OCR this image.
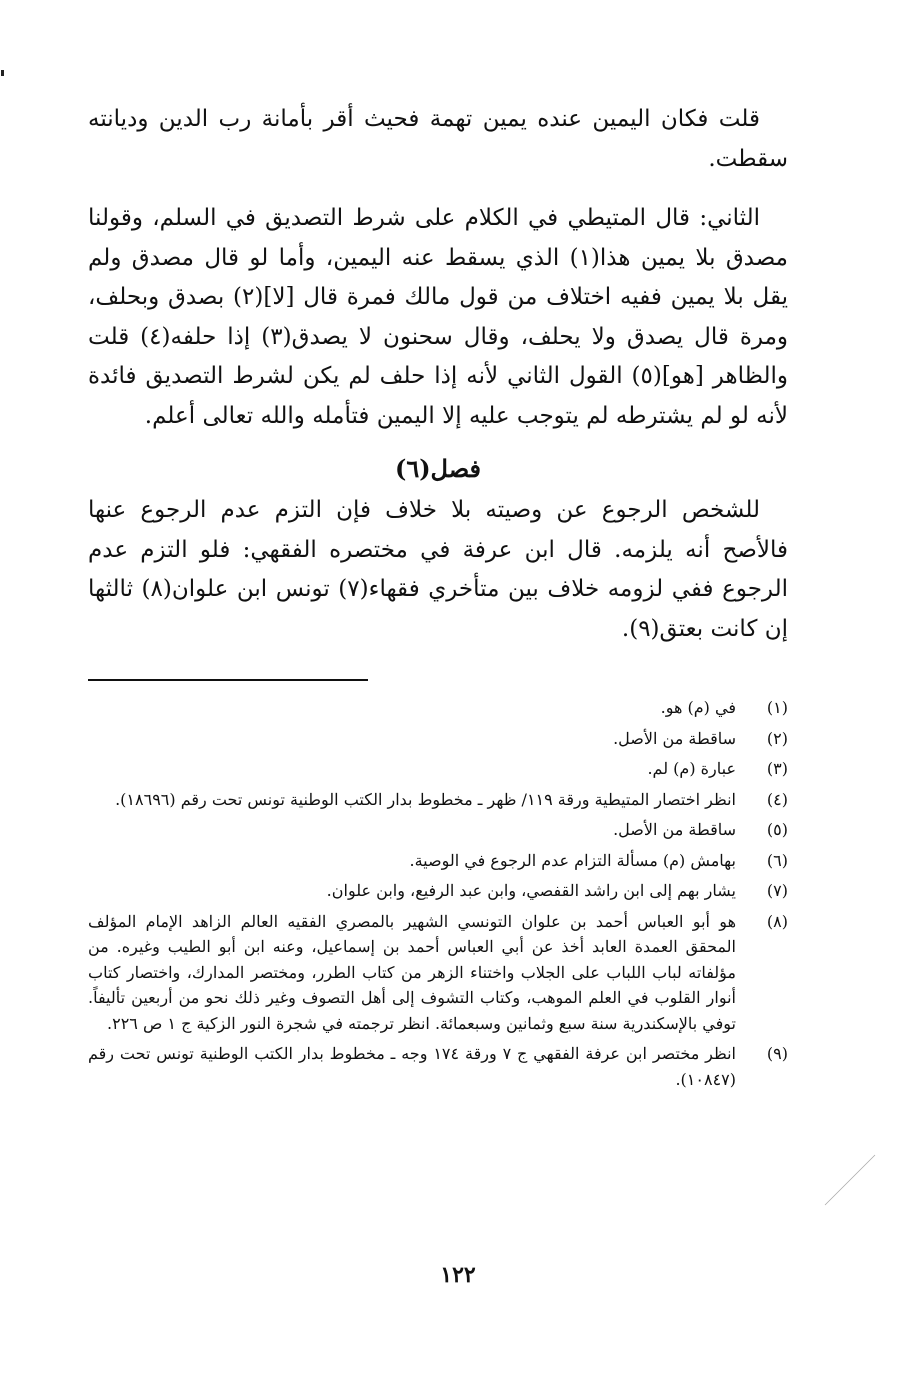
قلت فكان اليمين عنده يمين تهمة فحيث أقر بأمانة رب الدين وديانته سقطت.

الثاني: قال المتيطي في الكلام على شرط التصديق في السلم، وقولنا مصدق بلا يمين هذا(١) الذي يسقط عنه اليمين، وأما لو قال مصدق ولم يقل بلا يمين ففيه اختلاف من قول مالك فمرة قال [لا](٢) بصدق وبحلف، ومرة قال يصدق ولا يحلف، وقال سحنون لا يصدق(٣) إذا حلفه(٤) قلت والظاهر [هو](٥) القول الثاني لأنه إذا حلف لم يكن لشرط التصديق فائدة لأنه لو لم يشترطه لم يتوجب عليه إلا اليمين فتأمله والله تعالى أعلم.

فصل(٦)

للشخص الرجوع عن وصيته بلا خلاف فإن التزم عدم الرجوع عنها فالأصح أنه يلزمه. قال ابن عرفة في مختصره الفقهي: فلو التزم عدم الرجوع ففي لزومه خلاف بين متأخري فقهاء(٧) تونس ابن علوان(٨) ثالثها إن كانت بعتق(٩).

(١)
في (م) هو.
(٢)
ساقطة من الأصل.
(٣)
عبارة (م) لم.
(٤)
انظر اختصار المتيطية ورقة ١١٩/ ظهر ـ مخطوط بدار الكتب الوطنية تونس تحت رقم (١٨٦٩٦).
(٥)
ساقطة من الأصل.
(٦)
بهامش (م) مسألة التزام عدم الرجوع في الوصية.
(٧)
يشار بهم إلى ابن راشد القفصي، وابن عبد الرفيع، وابن علوان.
(٨)
هو أبو العباس أحمد بن علوان التونسي الشهير بالمصري الفقيه العالم الزاهد الإمام المؤلف المحقق العمدة العابد أخذ عن أبي العباس أحمد بن إسماعيل، وعنه ابن أبو الطيب وغيره. من مؤلفاته لباب اللباب على الجلاب واختناء الزهر من كتاب الطرر، ومختصر المدارك، واختصار كتاب أنوار القلوب في العلم الموهب، وكتاب التشوف إلى أهل التصوف وغير ذلك نحو من أربعين تأليفاً. توفي بالإسكندرية سنة سبع وثمانين وسبعمائة. انظر ترجمته في شجرة النور الزكية ج ١ ص ٢٢٦.
(٩)
انظر مختصر ابن عرفة الفقهي ج ٧ ورقة ١٧٤ وجه ـ مخطوط بدار الكتب الوطنية تونس تحت رقم (١٠٨٤٧).
١٢٢
